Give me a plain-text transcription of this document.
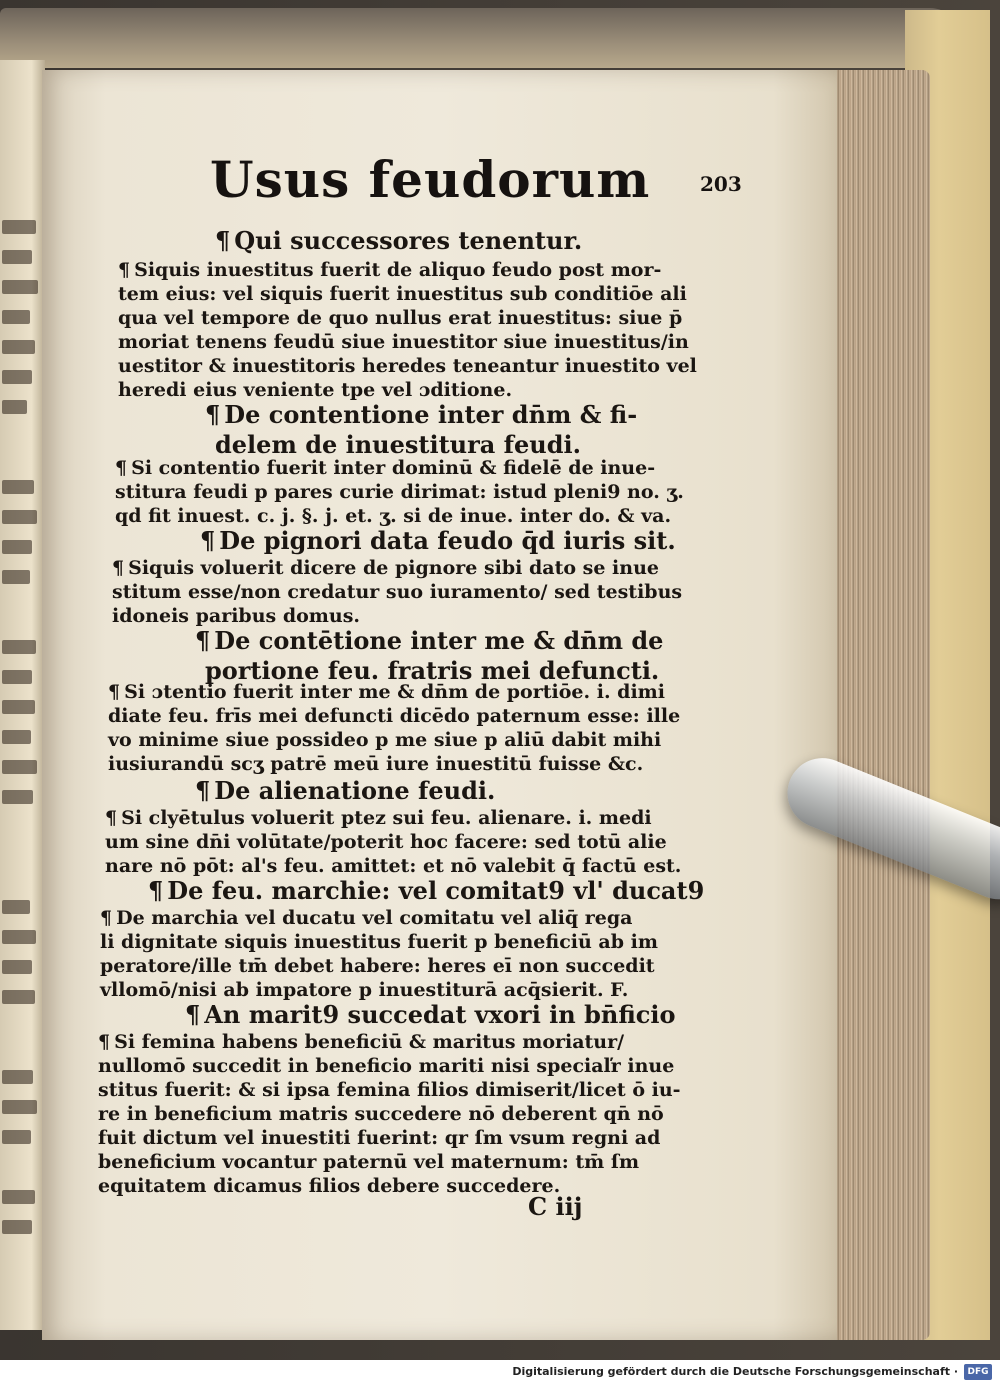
Usus feudorum 203
¶ Qui successores tenentur.
¶ Siquis inuestitus fuerit de aliquo feudo post mor-
tem eius: vel siquis fuerit inuestitus sub conditiōe ali
qua vel tempore de quo nullus erat inuestitus: siue p̄
moriat tenens feudū siue inuestitor siue inuestitus/in
uestitor & inuestitoris heredes teneantur inuestito vel
heredi eius veniente tpe vel ɔditione.
¶ De contentione inter dn̄m & fi-
delem de inuestitura feudi.
¶ Si contentio fuerit inter dominū & fidelē de inue-
stitura feudi p pares curie dirimat: istud pleni9 no. ʒ.
qd fit inuest. c. j. §. j. et. ʒ. si de inue. inter do. & va.
¶ De pignori data feudo q̄d iuris sit.
¶ Siquis voluerit dicere de pignore sibi dato se inue
stitum esse/non credatur suo iuramento/ sed testibus
idoneis paribus domus.
¶ De contētione inter me & dn̄m de
portione feu. fratris mei defuncti.
¶ Si ɔtentio fuerit inter me & dn̄m de portiōe. i. dimi
diate feu. frīs mei defuncti dicēdo paternum esse: ille
vo minime siue possideo p me siue p aliū dabit mihi
iusiurandū scʒ patrē meū iure inuestitū fuisse &c.
¶ De alienatione feudi.
¶ Si clyētulus voluerit ptez sui feu. alienare. i. medi
um sine dn̄i volūtate/poterit hoc facere: sed totū alie
nare nō pōt: al's feu. amittet: et nō valebit q̄ factū est.
¶ De feu. marchie: vel comitat9 vl' ducat9
¶ De marchia vel ducatu vel comitatu vel aliq̄ rega
li dignitate siquis inuestitus fuerit p beneficiū ab im
peratore/ille tm̄ debet habere: heres eī non succedit
vllomō/nisi ab impatore p inuestiturā acq̄sierit. F.
¶ An marit9 succedat vxori in bn̄ficio
¶ Si femina habens beneficiū & maritus moriatur/
nullomō succedit in beneficio mariti nisi speciaľr inue
stitus fuerit: & si ipsa femina filios dimiserit/licet ō iu-
re in beneficium matris succedere nō deberent qn̄ nō
fuit dictum vel inuestiti fuerint: qr ſm vsum regni ad
beneficium vocantur paternū vel maternum: tm̄ ſm
equitatem dicamus filios debere succedere.
C iij
Digitalisierung gefördert durch die Deutsche Forschungsgemeinschaft ·	DFG
